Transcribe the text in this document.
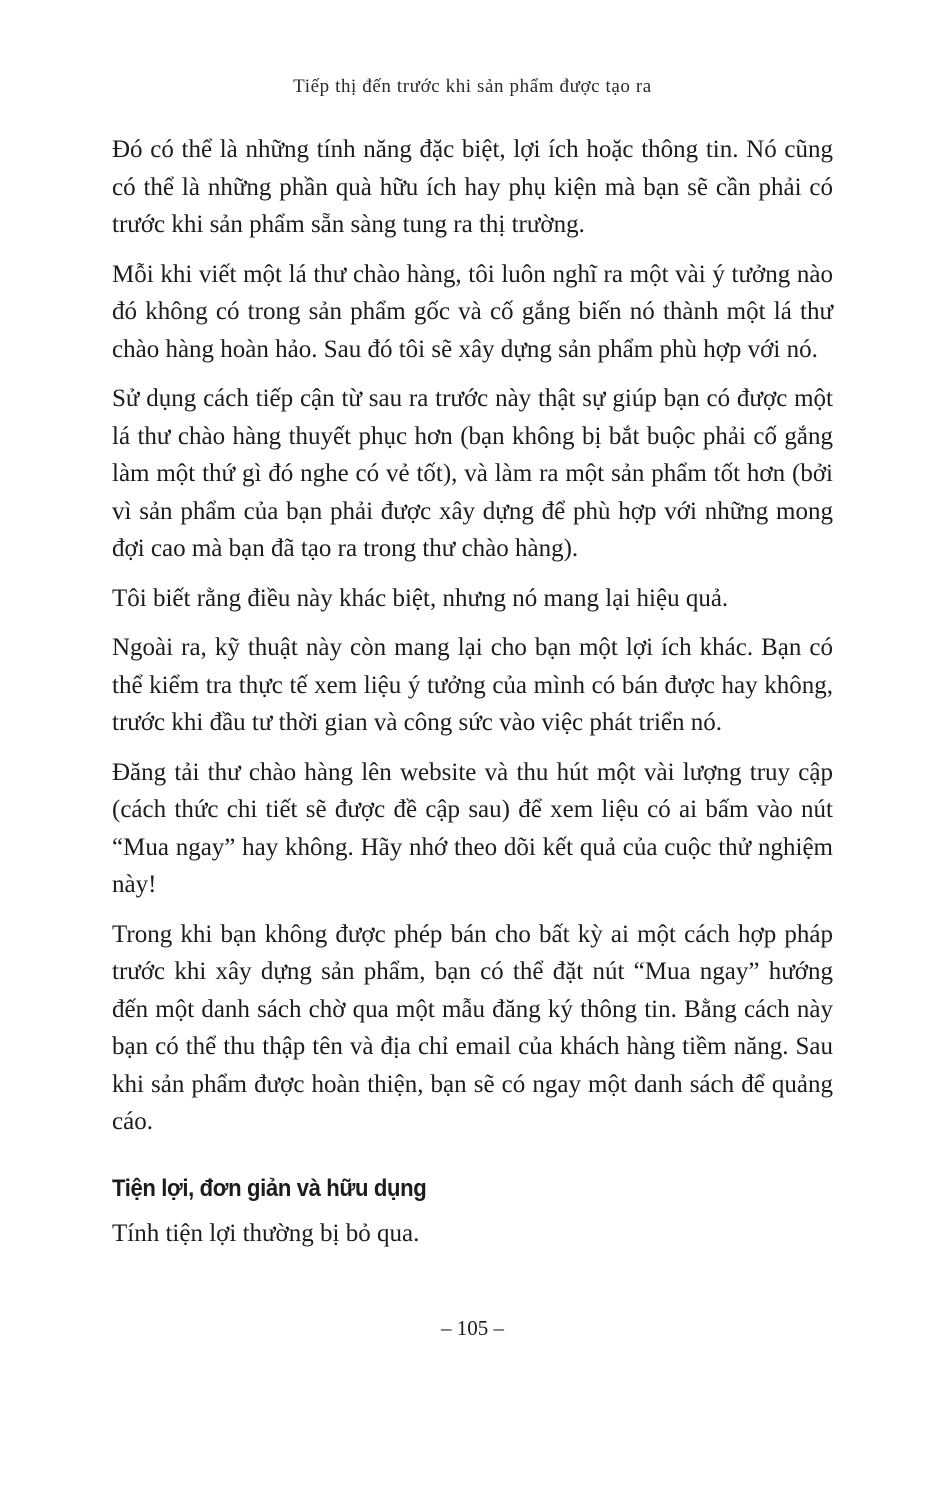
Tiếp thị đến trước khi sản phẩm được tạo ra

Đó có thể là những tính năng đặc biệt, lợi ích hoặc thông tin. Nó cũng có thể là những phần quà hữu ích hay phụ kiện mà bạn sẽ cần phải có trước khi sản phẩm sẵn sàng tung ra thị trường.

Mỗi khi viết một lá thư chào hàng, tôi luôn nghĩ ra một vài ý tưởng nào đó không có trong sản phẩm gốc và cố gắng biến nó thành một lá thư chào hàng hoàn hảo. Sau đó tôi sẽ xây dựng sản phẩm phù hợp với nó.

Sử dụng cách tiếp cận từ sau ra trước này thật sự giúp bạn có được một lá thư chào hàng thuyết phục hơn (bạn không bị bắt buộc phải cố gắng làm một thứ gì đó nghe có vẻ tốt), và làm ra một sản phẩm tốt hơn (bởi vì sản phẩm của bạn phải được xây dựng để phù hợp với những mong đợi cao mà bạn đã tạo ra trong thư chào hàng).

Tôi biết rằng điều này khác biệt, nhưng nó mang lại hiệu quả.

Ngoài ra, kỹ thuật này còn mang lại cho bạn một lợi ích khác. Bạn có thể kiểm tra thực tế xem liệu ý tưởng của mình có bán được hay không, trước khi đầu tư thời gian và công sức vào việc phát triển nó.

Đăng tải thư chào hàng lên website và thu hút một vài lượng truy cập (cách thức chi tiết sẽ được đề cập sau) để xem liệu có ai bấm vào nút “Mua ngay” hay không. Hãy nhớ theo dõi kết quả của cuộc thử nghiệm này!

Trong khi bạn không được phép bán cho bất kỳ ai một cách hợp pháp trước khi xây dựng sản phẩm, bạn có thể đặt nút “Mua ngay” hướng đến một danh sách chờ qua một mẫu đăng ký thông tin. Bằng cách này bạn có thể thu thập tên và địa chỉ email của khách hàng tiềm năng. Sau khi sản phẩm được hoàn thiện, bạn sẽ có ngay một danh sách để quảng cáo.

Tiện lợi, đơn giản và hữu dụng

Tính tiện lợi thường bị bỏ qua.

– 105 –
